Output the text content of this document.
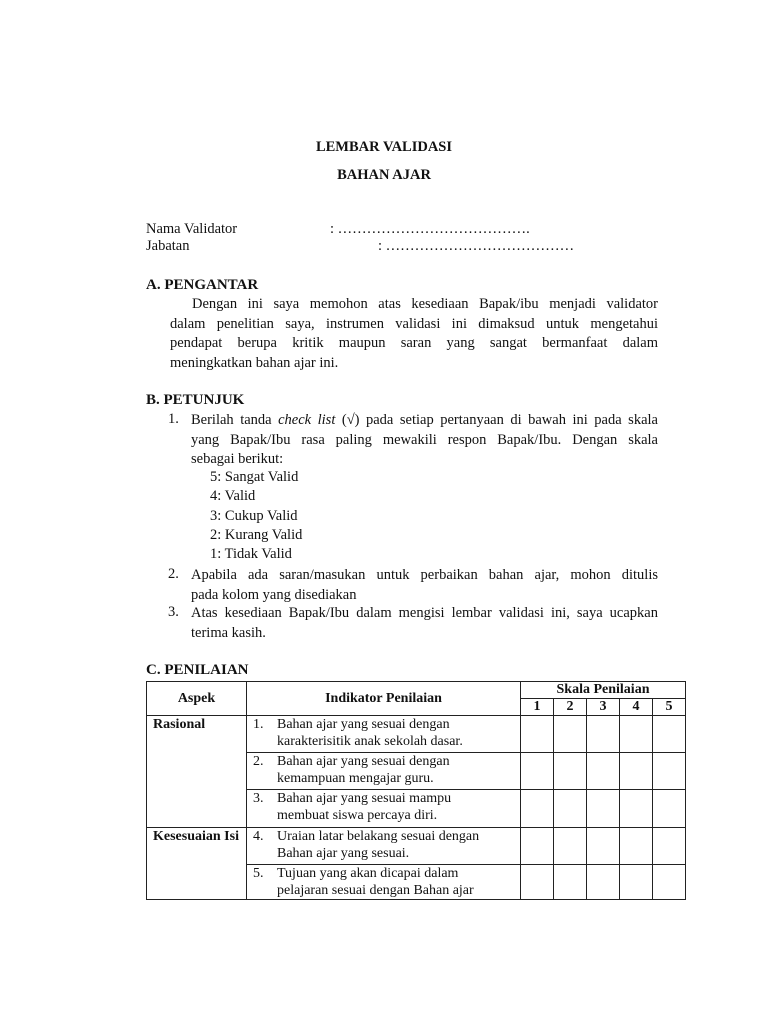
LEMBAR VALIDASI
BAHAN AJAR
Nama Validator	: ………………………………….
Jabatan	: …………………………………
A. PENGANTAR
Dengan ini saya memohon atas kesediaan Bapak/ibu menjadi validator
dalam penelitian saya, instrumen validasi ini dimaksud untuk mengetahui
pendapat berupa kritik maupun saran yang sangat bermanfaat dalam
meningkatkan bahan ajar ini.
B. PETUNJUK
1. Berilah tanda check list (√) pada setiap pertanyaan di bawah ini pada skala
yang Bapak/Ibu rasa paling mewakili respon Bapak/Ibu. Dengan skala
sebagai berikut:
5: Sangat Valid
4: Valid
3: Cukup Valid
2: Kurang Valid
1: Tidak Valid
2. Apabila ada saran/masukan untuk perbaikan bahan ajar, mohon ditulis
pada kolom yang disediakan
3. Atas kesediaan Bapak/Ibu dalam mengisi lembar validasi ini, saya ucapkan
terima kasih.
C. PENILAIAN
Aspek	Indikator Penilaian	Skala Penilaian				
		1	2	3	4	5
Rasional	1. Bahan ajar yang sesuai dengan
karakterisitik anak sekolah dasar.					

	2. Bahan ajar yang sesuai dengan
kemampuan mengajar guru.					

	3. Bahan ajar yang sesuai mampu
membuat siswa percaya diri.					

Kesesuaian Isi	4. Uraian latar belakang sesuai dengan
Bahan ajar yang sesuai.					

	5. Tujuan yang akan dicapai dalam
pelajaran sesuai dengan Bahan ajar					
